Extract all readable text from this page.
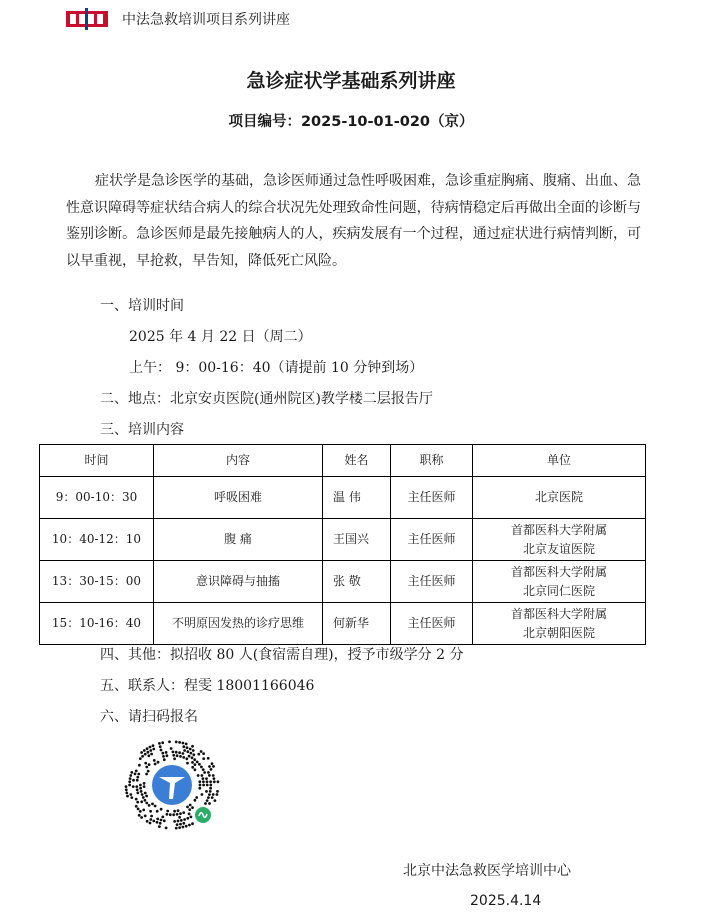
中法急救培训项目系列讲座
急诊症状学基础系列讲座
项目编号：2025-10-01-020（京）

症状学是急诊医学的基础，急诊医师通过急性呼吸困难，急诊重症胸痛、腹痛、出血、急性意识障碍等症状结合病人的综合状况先处理致命性问题，待病情稳定后再做出全面的诊断与鉴别诊断。急诊医师是最先接触病人的人，疾病发展有一个过程，通过症状进行病情判断，可以早重视，早抢救，早告知，降低死亡风险。

一、培训时间
2025 年 4 月 22 日（周二）
上午： 9：00-16：40（请提前 10 分钟到场）
二、地点：北京安贞医院(通州院区)教学楼二层报告厅
三、培训内容
时间	内容	姓名	职称	单位
9：00-10：30	呼吸困难	温 伟	主任医师	北京医院

10：40-12：10	腹 痛	王国兴	主任医师	首都医科大学附属
北京友谊医院

13：30-15：00	意识障碍与抽搐	张 敬	主任医师	首都医科大学附属
北京同仁医院

15：10-16：40	不明原因发热的诊疗思维	何新华	主任医师	首都医科大学附属
北京朝阳医院
四、其他：拟招收 80 人(食宿需自理)，授予市级学分 2 分
五、联系人：程雯 18001166046
六、请扫码报名
北京中法急救医学培训中心
2025.4.14
